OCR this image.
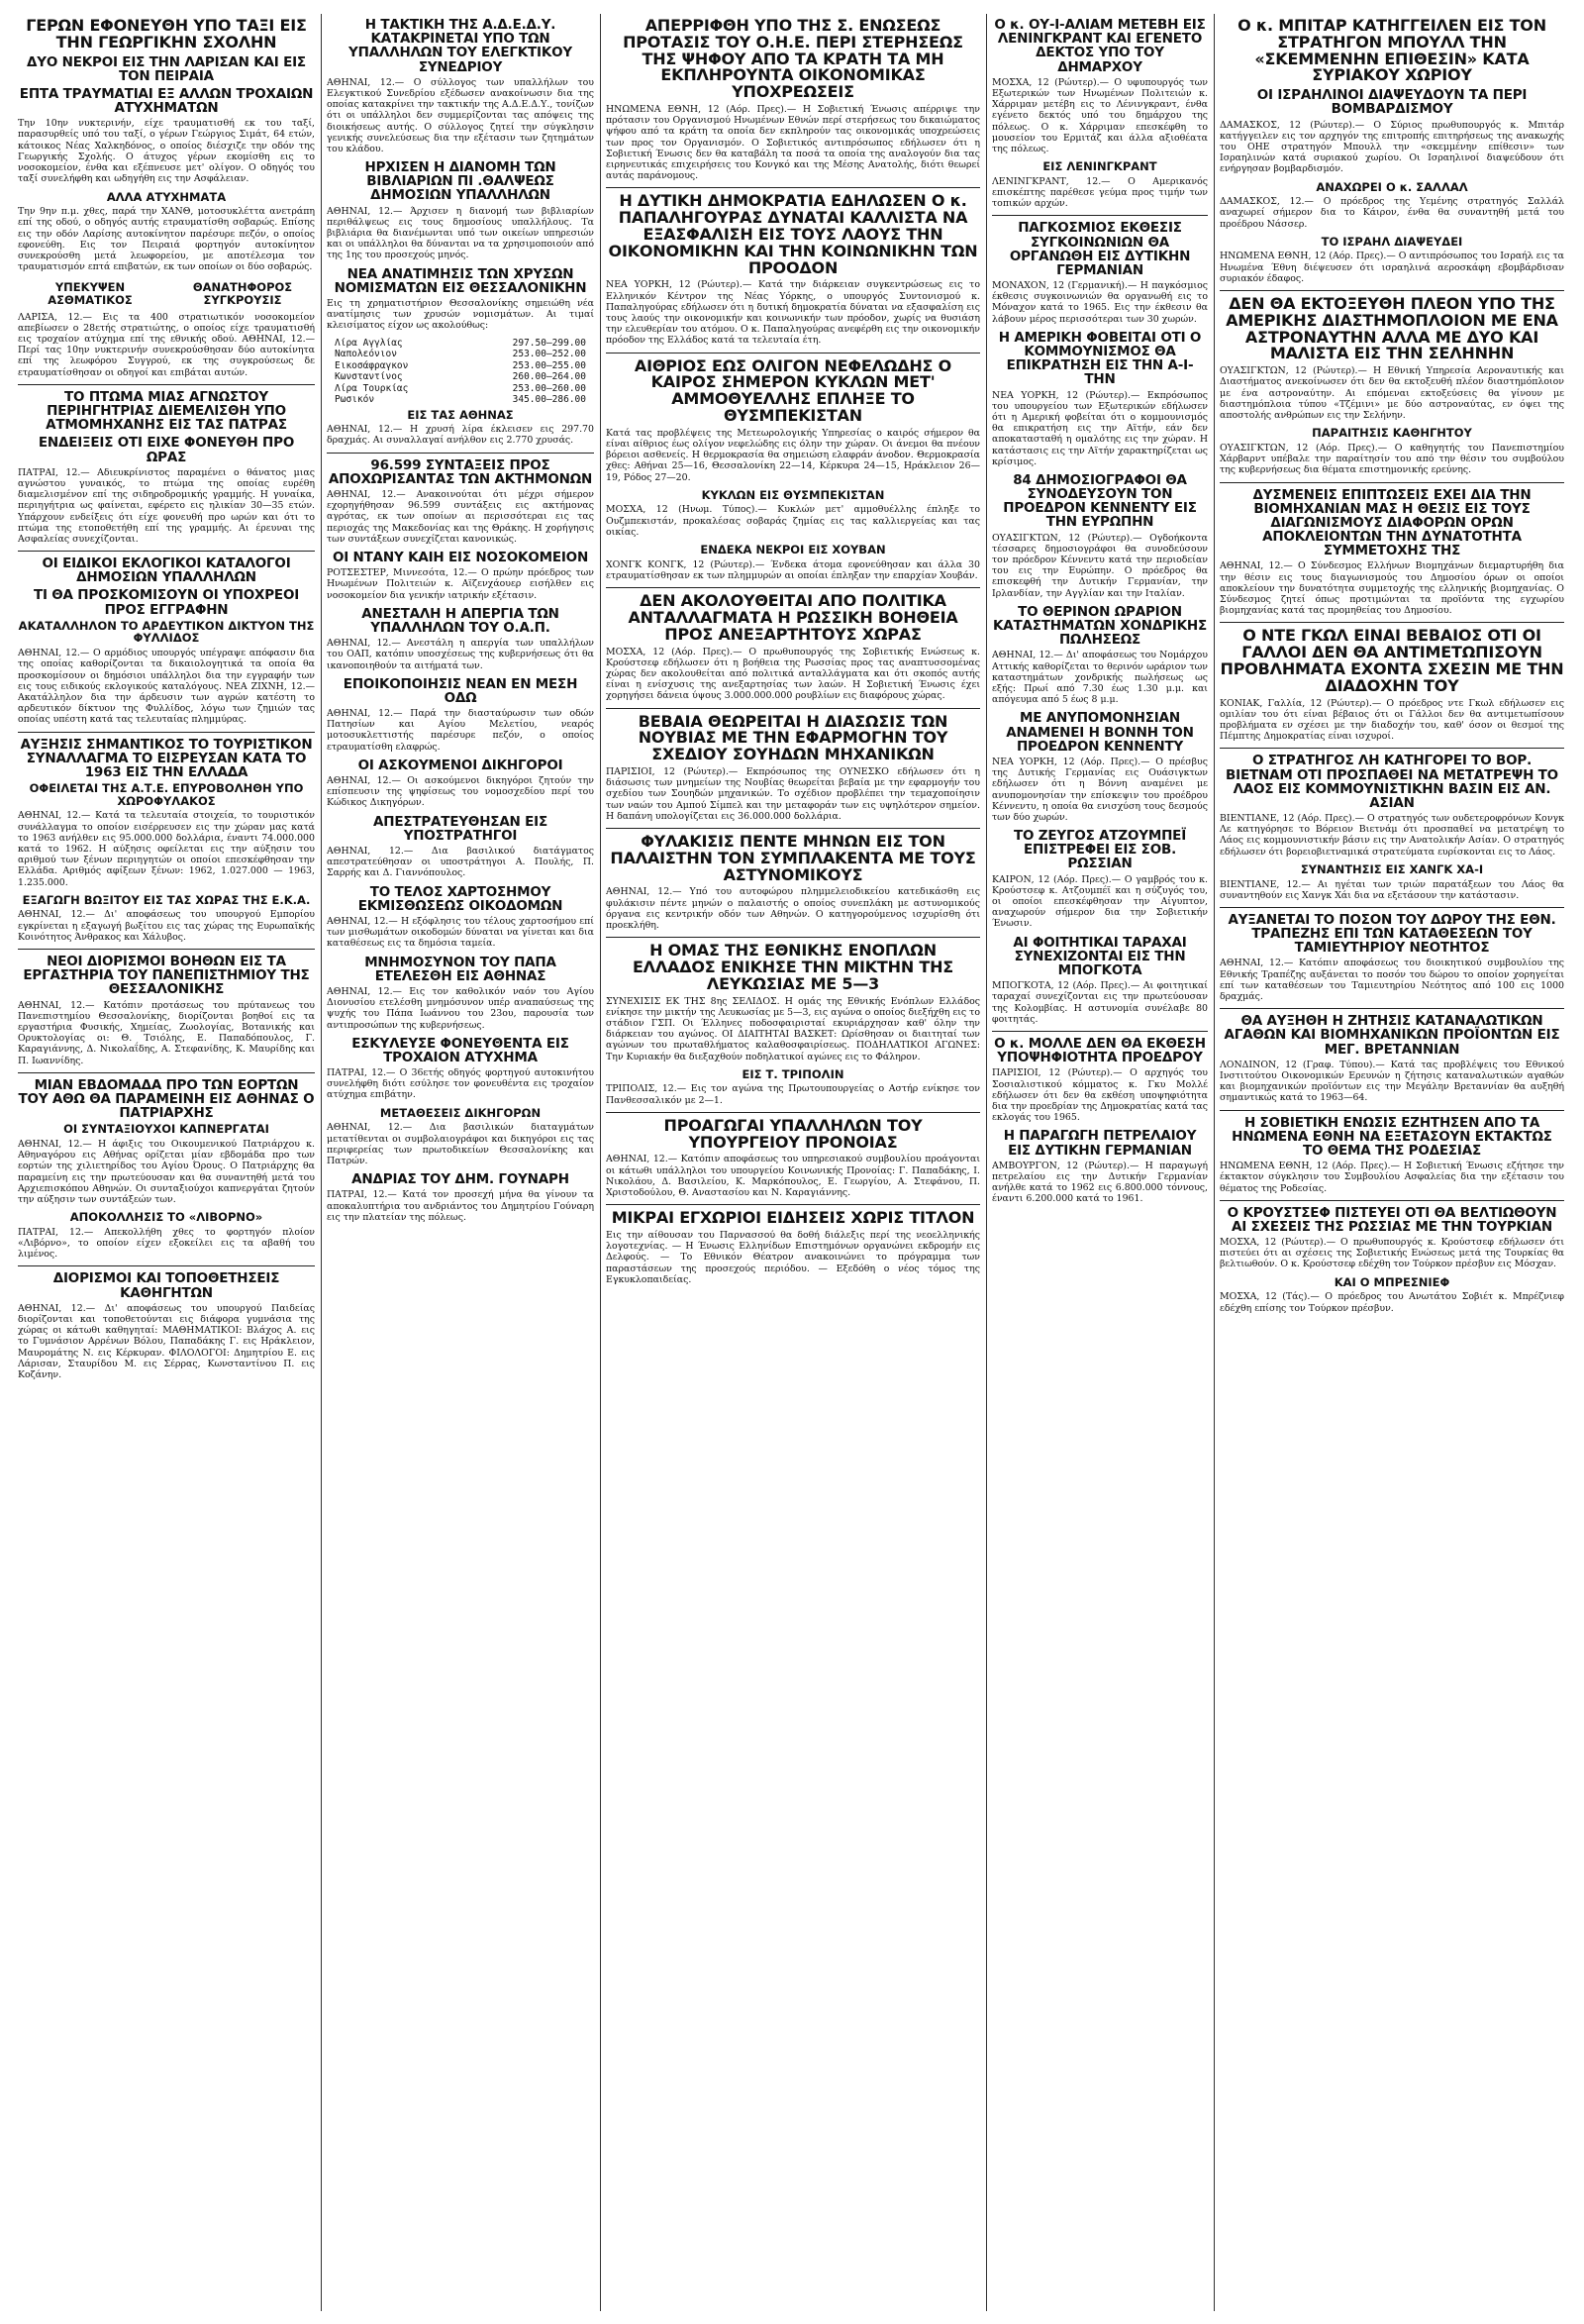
ΓΕΡΩΝ ΕΦΟΝΕΥΘΗ ΥΠΟ ΤΑΞΙ ΕΙΣ ΤΗΝ ΓΕΩΡΓΙΚΗΝ ΣΧΟΛΗΝ
ΔΥΟ ΝΕΚΡΟΙ ΕΙΣ ΤΗΝ ΛΑΡΙΣΑΝ ΚΑΙ ΕΙΣ ΤΟΝ ΠΕΙΡΑΙΑ
ΕΠΤΑ ΤΡΑΥΜΑΤΙΑΙ ΕΞ ΑΛΛΩΝ ΤΡΟΧΑΙΩΝ ΑΤΥΧΗΜΑΤΩΝ
Την 10ην νυκτερινήν, είχε τραυματισθή εκ του ταξί, παρασυρθείς υπό του ταξί, ο γέρων Γεώργιος Σιμάτ, 64 ετών, κάτοικος Νέας Χαλκηδόνος, ο οποίος διέσχιζε την οδόν της Γεωργικής Σχολής. Ο άτυχος γέρων εκομίσθη εις το νοσοκομείον, ένθα και εξέπνευσε μετ' ολίγον. Ο οδηγός του ταξί συνελήφθη και ωδηγήθη εις την Ασφάλειαν.
ΑΛΛΑ ΑΤΥΧΗΜΑΤΑ
Την 9ην π.μ. χθες, παρά την ΧΑΝΘ, μοτοσυκλέττα ανετράπη επί της οδού, ο οδηγός αυτής ετραυματίσθη σοβαρώς. Επίσης εις την οδόν Λαρίσης αυτοκίνητον παρέσυρε πεζόν, ο οποίος εφονεύθη. Εις τον Πειραιά φορτηγόν αυτοκίνητον συνεκρούσθη μετά λεωφορείου, με αποτέλεσμα τον τραυματισμόν επτά επιβατών, εκ των οποίων οι δύο σοβαρώς.
ΥΠΕΚΥΨΕΝ ΑΣΘΜΑΤΙΚΟΣ
ΘΑΝΑΤΗΦΟΡΟΣ ΣΥΓΚΡΟΥΣΙΣ
ΛΑΡΙΣΑ, 12.— Εις τα 400 στρατιωτικόν νοσοκομείον απεβίωσεν ο 28ετής στρατιώτης, ο οποίος είχε τραυματισθή εις τροχαίον ατύχημα επί της εθνικής οδού. ΑΘΗΝΑΙ, 12.— Περί τας 10ην νυκτερινήν συνεκρούσθησαν δύο αυτοκίνητα επί της λεωφόρου Συγγρού, εκ της συγκρούσεως δε ετραυματίσθησαν οι οδηγοί και επιβάται αυτών.
ΤΟ ΠΤΩΜΑ ΜΙΑΣ ΑΓΝΩΣΤΟΥ ΠΕΡΙΗΓΗΤΡΙΑΣ ΔΙΕΜΕΛΙΣΘΗ ΥΠΟ ΑΤΜΟΜΗΧΑΝΗΣ ΕΙΣ ΤΑΣ ΠΑΤΡΑΣ
ΕΝΔΕΙΞΕΙΣ ΟΤΙ ΕΙΧΕ ΦΟΝΕΥΘΗ ΠΡΟ ΩΡΑΣ
ΠΑΤΡΑΙ, 12.— Αδιευκρίνιστος παραμένει ο θάνατος μιας αγνώστου γυναικός, το πτώμα της οποίας ευρέθη διαμελισμένον επί της σιδηροδρομικής γραμμής. Η γυναίκα, περιηγήτρια ως φαίνεται, εφέρετο εις ηλικίαν 30—35 ετών. Υπάρχουν ενδείξεις ότι είχε φονευθή προ ωρών και ότι το πτώμα της ετοποθετήθη επί της γραμμής. Αι έρευναι της Ασφαλείας συνεχίζονται.
ΟΙ ΕΙΔΙΚΟΙ ΕΚΛΟΓΙΚΟΙ ΚΑΤΑΛΟΓΟΙ ΔΗΜΟΣΙΩΝ ΥΠΑΛΛΗΛΩΝ
ΤΙ ΘΑ ΠΡΟΣΚΟΜΙΣΟΥΝ ΟΙ ΥΠΟΧΡΕΟΙ ΠΡΟΣ ΕΓΓΡΑΦΗΝ
ΑΚΑΤΑΛΛΗΛΟΝ ΤΟ ΑΡΔΕΥΤΙΚΟΝ ΔΙΚΤΥΟΝ ΤΗΣ ΦΥΛΛΙΔΟΣ
ΑΘΗΝΑΙ, 12.— Ο αρμόδιος υπουργός υπέγραψε απόφασιν δια της οποίας καθορίζονται τα δικαιολογητικά τα οποία θα προσκομίσουν οι δημόσιοι υπάλληλοι δια την εγγραφήν των εις τους ειδικούς εκλογικούς καταλόγους. ΝΕΑ ΖΙΧΝΗ, 12.— Ακατάλληλον δια την άρδευσιν των αγρών κατέστη το αρδευτικόν δίκτυον της Φυλλίδος, λόγω των ζημιών τας οποίας υπέστη κατά τας τελευταίας πλημμύρας.
ΑΥΞΗΣΙΣ ΣΗΜΑΝΤΙΚΟΣ ΤΟ ΤΟΥΡΙΣΤΙΚΟΝ ΣΥΝΑΛΛΑΓΜΑ ΤΟ ΕΙΣΡΕΥΣΑΝ ΚΑΤΑ ΤΟ 1963 ΕΙΣ ΤΗΝ ΕΛΛΑΔΑ
ΟΦΕΙΛΕΤΑΙ ΤΗΣ Α.Τ.Ε. ΕΠΥΡΟΒΟΛΗΘΗ ΥΠΟ ΧΩΡΟΦΥΛΑΚΟΣ
ΑΘΗΝΑΙ, 12.— Κατά τα τελευταία στοιχεία, το τουριστικόν συνάλλαγμα το οποίον εισέρρευσεν εις την χώραν μας κατά το 1963 ανήλθεν εις 95.000.000 δολλάρια, έναντι 74.000.000 κατά το 1962. Η αύξησις οφείλεται εις την αύξησιν του αριθμού των ξένων περιηγητών οι οποίοι επεσκέφθησαν την Ελλάδα. Αριθμός αφίξεων ξένων: 1962, 1.027.000 — 1963, 1.235.000.
ΕΞΑΓΩΓΗ ΒΩΞΙΤΟΥ ΕΙΣ ΤΑΣ ΧΩΡΑΣ ΤΗΣ Ε.Κ.Α.
ΑΘΗΝΑΙ, 12.— Δι' αποφάσεως του υπουργού Εμπορίου εγκρίνεται η εξαγωγή βωξίτου εις τας χώρας της Ευρωπαϊκής Κοινότητος Άνθρακος και Χάλυβος.
ΝΕΟΙ ΔΙΟΡΙΣΜΟΙ ΒΟΗΘΩΝ ΕΙΣ ΤΑ ΕΡΓΑΣΤΗΡΙΑ ΤΟΥ ΠΑΝΕΠΙΣΤΗΜΙΟΥ ΤΗΣ ΘΕΣΣΑΛΟΝΙΚΗΣ
ΑΘΗΝΑΙ, 12.— Κατόπιν προτάσεως του πρύτανεως του Πανεπιστημίου Θεσσαλονίκης, διορίζονται βοηθοί εις τα εργαστήρια Φυσικής, Χημείας, Ζωολογίας, Βοτανικής και Ορυκτολογίας οι: Θ. Τσιόλης, Ε. Παπαδόπουλος, Γ. Καραγιάννης, Δ. Νικολαΐδης, Α. Στεφανίδης, Κ. Μαυρίδης και Π. Ιωαννίδης.
ΜΙΑΝ ΕΒΔΟΜΑΔΑ ΠΡΟ ΤΩΝ ΕΟΡΤΩΝ ΤΟΥ ΑΘΩ ΘΑ ΠΑΡΑΜΕΙΝΗ ΕΙΣ ΑΘΗΝΑΣ Ο ΠΑΤΡΙΑΡΧΗΣ
ΟΙ ΣΥΝΤΑΞΙΟΥΧΟΙ ΚΑΠΝΕΡΓΑΤΑΙ
ΑΘΗΝΑΙ, 12.— Η άφιξις του Οικουμενικού Πατριάρχου κ. Αθηναγόρου εις Αθήνας ορίζεται μίαν εβδομάδα προ των εορτών της χιλιετηρίδος του Αγίου Όρους. Ο Πατριάρχης θα παραμείνη εις την πρωτεύουσαν και θα συναντηθή μετά του Αρχιεπισκόπου Αθηνών. Οι συνταξιούχοι καπνεργάται ζητούν την αύξησιν των συντάξεών των.
ΑΠΟΚΟΛΛΗΣΙΣ ΤΟ «ΛΙΒΟΡΝΟ»
ΠΑΤΡΑΙ, 12.— Απεκολλήθη χθες το φορτηγόν πλοίον «Λιβόρνο», το οποίον είχεν εξοκείλει εις τα αβαθή του λιμένος.
ΔΙΟΡΙΣΜΟΙ ΚΑΙ ΤΟΠΟΘΕΤΗΣΕΙΣ ΚΑΘΗΓΗΤΩΝ
ΑΘΗΝΑΙ, 12.— Δι' αποφάσεως του υπουργού Παιδείας διορίζονται και τοποθετούνται εις διάφορα γυμνάσια της χώρας οι κάτωθι καθηγηταί: ΜΑΘΗΜΑΤΙΚΟΙ: Βλάχος Α. εις το Γυμνάσιον Αρρένων Βόλου, Παπαδάκης Γ. εις Ηράκλειον, Μαυρομάτης Ν. εις Κέρκυραν. ΦΙΛΟΛΟΓΟΙ: Δημητρίου Ε. εις Λάρισαν, Σταυρίδου Μ. εις Σέρρας, Κωνσταντίνου Π. εις Κοζάνην.
Η ΤΑΚΤΙΚΗ ΤΗΣ Α.Δ.Ε.Δ.Υ. ΚΑΤΑΚΡΙΝΕΤΑΙ ΥΠΟ ΤΩΝ ΥΠΑΛΛΗΛΩΝ ΤΟΥ ΕΛΕΓΚΤΙΚΟΥ ΣΥΝΕΔΡΙΟΥ
ΑΘΗΝΑΙ, 12.— Ο σύλλογος των υπαλλήλων του Ελεγκτικού Συνεδρίου εξέδωσεν ανακοίνωσιν δια της οποίας κατακρίνει την τακτικήν της Α.Δ.Ε.Δ.Υ., τονίζων ότι οι υπάλληλοι δεν συμμερίζονται τας απόψεις της διοικήσεως αυτής. Ο σύλλογος ζητεί την σύγκλησιν γενικής συνελεύσεως δια την εξέτασιν των ζητημάτων του κλάδου.
ΗΡΧΙΣΕΝ Η ΔΙΑΝΟΜΗ ΤΩΝ ΒΙΒΛΙΑΡΙΩΝ ΠΙ .ΘΑΛΨΕΩΣ ΔΗΜΟΣΙΩΝ ΥΠΑΛΛΗΛΩΝ
ΑΘΗΝΑΙ, 12.— Άρχισεν η διανομή των βιβλιαρίων περιθάλψεως εις τους δημοσίους υπαλλήλους. Τα βιβλιάρια θα διανέμωνται υπό των οικείων υπηρεσιών και οι υπάλληλοι θα δύνανται να τα χρησιμοποιούν από της 1ης του προσεχούς μηνός.
ΝΕΑ ΑΝΑΤΙΜΗΣΙΣ ΤΩΝ ΧΡΥΣΩΝ ΝΟΜΙΣΜΑΤΩΝ ΕΙΣ ΘΕΣΣΑΛΟΝΙΚΗΝ
Εις τη χρηματιστήριον Θεσσαλονίκης σημειώθη νέα ανατίμησις των χρυσών νομισμάτων. Αι τιμαί κλεισίματος είχον ως ακολούθως:
Λίρα Αγγλίας	297.50—299.00
Ναπολεόνιον	253.00—252.00
Εικοσάφραγκον	253.00—255.00
Κωνσταντίνος	260.00—264.00
Λίρα Τουρκίας	253.00—260.00
Ρωσικόν	345.00—286.00
ΕΙΣ ΤΑΣ ΑΘΗΝΑΣ
ΑΘΗΝΑΙ, 12.— Η χρυσή λίρα έκλεισεν εις 297.70 δραχμάς. Αι συναλλαγαί ανήλθον εις 2.770 χρυσάς.
96.599 ΣΥΝΤΑΞΕΙΣ ΠΡΟΣ ΑΠΟΧΩΡΙΣΑΝΤΑΣ ΤΩΝ ΑΚΤΗΜΟΝΩΝ
ΑΘΗΝΑΙ, 12.— Ανακοινούται ότι μέχρι σήμερον εχορηγήθησαν 96.599 συντάξεις εις ακτήμονας αγρότας, εκ των οποίων αι περισσότεραι εις τας περιοχάς της Μακεδονίας και της Θράκης. Η χορήγησις των συντάξεων συνεχίζεται κανονικώς.
ΟΙ ΝΤΑΝΥ ΚΑΙΗ ΕΙΣ ΝΟΣΟΚΟΜΕΙΟΝ
ΡΟΤΣΕΣΤΕΡ, Μιννεσότα, 12.— Ο πρώην πρόεδρος των Ηνωμένων Πολιτειών κ. Αϊζενχάουερ εισήλθεν εις νοσοκομείον δια γενικήν ιατρικήν εξέτασιν.
ΑΝΕΣΤΑΛΗ Η ΑΠΕΡΓΙΑ ΤΩΝ ΥΠΑΛΛΗΛΩΝ ΤΟΥ Ο.Α.Π.
ΑΘΗΝΑΙ, 12.— Ανεστάλη η απεργία των υπαλλήλων του ΟΑΠ, κατόπιν υποσχέσεως της κυβερνήσεως ότι θα ικανοποιηθούν τα αιτήματά των.
ΕΠΟΙΚΟΠΟΙΗΣΙΣ ΝΕΑΝ ΕΝ ΜΕΣΗ ΟΔΩ
ΑΘΗΝΑΙ, 12.— Παρά την διασταύρωσιν των οδών Πατησίων και Αγίου Μελετίου, νεαρός μοτοσυκλεττιστής παρέσυρε πεζόν, ο οποίος ετραυματίσθη ελαφρώς.
ΟΙ ΑΣΚΟΥΜΕΝΟΙ ΔΙΚΗΓΟΡΟΙ
ΑΘΗΝΑΙ, 12.— Οι ασκούμενοι δικηγόροι ζητούν την επίσπευσιν της ψηφίσεως του νομοσχεδίου περί του Κώδικος Δικηγόρων.
ΑΠΕΣΤΡΑΤΕΥΘΗΣΑΝ ΕΙΣ ΥΠΟΣΤΡΑΤΗΓΟΙ
ΑΘΗΝΑΙ, 12.— Δια βασιλικού διατάγματος απεστρατεύθησαν οι υποστράτηγοι Α. Πουλής, Π. Σαρρής και Δ. Γιαννόπουλος.
ΤΟ ΤΕΛΟΣ ΧΑΡΤΟΣΗΜΟΥ ΕΚΜΙΣΘΩΣΕΩΣ ΟΙΚΟΔΟΜΩΝ
ΑΘΗΝΑΙ, 12.— Η εξόφλησις του τέλους χαρτοσήμου επί των μισθωμάτων οικοδομών δύναται να γίνεται και δια καταθέσεως εις τα δημόσια ταμεία.
ΜΝΗΜΟΣΥΝΟΝ ΤΟΥ ΠΑΠΑ ΕΤΕΛΕΣΘΗ ΕΙΣ ΑΘΗΝΑΣ
ΑΘΗΝΑΙ, 12.— Εις τον καθολικόν ναόν του Αγίου Διονυσίου ετελέσθη μνημόσυνον υπέρ αναπαύσεως της ψυχής του Πάπα Ιωάννου του 23ου, παρουσία των αντιπροσώπων της κυβερνήσεως.
ΕΣΚΥΛΕΥΣΕ ΦΟΝΕΥΘΕΝΤΑ ΕΙΣ ΤΡΟΧΑΙΟΝ ΑΤΥΧΗΜΑ
ΠΑΤΡΑΙ, 12.— Ο 36ετής οδηγός φορτηγού αυτοκινήτου συνελήφθη διότι εσύλησε τον φονευθέντα εις τροχαίον ατύχημα επιβάτην.
ΜΕΤΑΘΕΣΕΙΣ ΔΙΚΗΓΟΡΩΝ
ΑΘΗΝΑΙ, 12.— Δια βασιλικών διαταγμάτων μετατίθενται οι συμβολαιογράφοι και δικηγόροι εις τας περιφερείας των πρωτοδικείων Θεσσαλονίκης και Πατρών.
ΑΝΔΡΙΑΣ ΤΟΥ ΔΗΜ. ΓΟΥΝΑΡΗ
ΠΑΤΡΑΙ, 12.— Κατά τον προσεχή μήνα θα γίνουν τα αποκαλυπτήρια του ανδριάντος του Δημητρίου Γούναρη εις την πλατείαν της πόλεως.
ΑΠΕΡΡΙΦΘΗ ΥΠΟ ΤΗΣ Σ. ΕΝΩΣΕΩΣ ΠΡΟΤΑΣΙΣ ΤΟΥ Ο.Η.Ε. ΠΕΡΙ ΣΤΕΡΗΣΕΩΣ ΤΗΣ ΨΗΦΟΥ ΑΠΟ ΤΑ ΚΡΑΤΗ ΤΑ ΜΗ ΕΚΠΛΗΡΟΥΝΤΑ ΟΙΚΟΝΟΜΙΚΑΣ ΥΠΟΧΡΕΩΣΕΙΣ
ΗΝΩΜΕΝΑ ΕΘΝΗ, 12 (Αόρ. Πρες).— Η Σοβιετική Ένωσις απέρριψε την πρότασιν του Οργανισμού Ηνωμένων Εθνών περί στερήσεως του δικαιώματος ψήφου από τα κράτη τα οποία δεν εκπληρούν τας οικονομικάς υποχρεώσεις των προς τον Οργανισμόν. Ο Σοβιετικός αντιπρόσωπος εδήλωσεν ότι η Σοβιετική Ένωσις δεν θα καταβάλη τα ποσά τα οποία της αναλογούν δια τας ειρηνευτικάς επιχειρήσεις του Κονγκό και της Μέσης Ανατολής, διότι θεωρεί αυτάς παράνομους.
Η ΔΥΤΙΚΗ ΔΗΜΟΚΡΑΤΙΑ ΕΔΗΛΩΣΕΝ Ο κ. ΠΑΠΑΛΗΓΟΥΡΑΣ ΔΥΝΑΤΑΙ ΚΑΛΛΙΣΤΑ ΝΑ ΕΞΑΣΦΑΛΙΣΗ ΕΙΣ ΤΟΥΣ ΛΑΟΥΣ ΤΗΝ ΟΙΚΟΝΟΜΙΚΗΝ ΚΑΙ ΤΗΝ ΚΟΙΝΩΝΙΚΗΝ ΤΩΝ ΠΡΟΟΔΟΝ
ΝΕΑ ΥΟΡΚΗ, 12 (Ρώυτερ).— Κατά την διάρκειαν συγκεντρώσεως εις το Ελληνικόν Κέντρον της Νέας Υόρκης, ο υπουργός Συντονισμού κ. Παπαληγούρας εδήλωσεν ότι η δυτική δημοκρατία δύναται να εξασφαλίση εις τους λαούς την οικονομικήν και κοινωνικήν των πρόοδον, χωρίς να θυσιάση την ελευθερίαν του ατόμου. Ο κ. Παπαληγούρας ανεφέρθη εις την οικονομικήν πρόοδον της Ελλάδος κατά τα τελευταία έτη.
ΑΙΘΡΙΟΣ ΕΩΣ ΟΛΙΓΟΝ ΝΕΦΕΛΩΔΗΣ Ο ΚΑΙΡΟΣ ΣΗΜΕΡΟΝ ΚΥΚΛΩΝ ΜΕΤ' ΑΜΜΟΘΥΕΛΛΗΣ ΕΠΛΗΞΕ ΤΟ ΘΥΣΜΠΕΚΙΣΤΑΝ
Κατά τας προβλέψεις της Μετεωρολογικής Υπηρεσίας ο καιρός σήμερον θα είναι αίθριος έως ολίγον νεφελώδης εις όλην την χώραν. Οι άνεμοι θα πνέουν βόρειοι ασθενείς. Η θερμοκρασία θα σημειώση ελαφράν άνοδον. Θερμοκρασία χθες: Αθήναι 25—16, Θεσσαλονίκη 22—14, Κέρκυρα 24—15, Ηράκλειον 26—19, Ρόδος 27—20.
ΚΥΚΛΩΝ ΕΙΣ ΘΥΣΜΠΕΚΙΣΤΑΝ
ΜΟΣΧΑ, 12 (Ηνωμ. Τύπος).— Κυκλών μετ' αμμοθυέλλης έπληξε το Ουζμπεκιστάν, προκαλέσας σοβαράς ζημίας εις τας καλλιεργείας και τας οικίας.
ΕΝΔΕΚΑ ΝΕΚΡΟΙ ΕΙΣ ΧΟΥΒΑΝ
ΧΟΝΓΚ ΚΟΝΓΚ, 12 (Ρώυτερ).— Ένδεκα άτομα εφονεύθησαν και άλλα 30 ετραυματίσθησαν εκ των πλημμυρών αι οποίαι έπληξαν την επαρχίαν Χουβάν.
ΔΕΝ ΑΚΟΛΟΥΘΕΙΤΑΙ ΑΠΟ ΠΟΛΙΤΙΚΑ ΑΝΤΑΛΛΑΓΜΑΤΑ Η ΡΩΣΣΙΚΗ ΒΟΗΘΕΙΑ ΠΡΟΣ ΑΝΕΞΑΡΤΗΤΟΥΣ ΧΩΡΑΣ
ΜΟΣΧΑ, 12 (Αόρ. Πρες).— Ο πρωθυπουργός της Σοβιετικής Ενώσεως κ. Κρούστσεφ εδήλωσεν ότι η βοήθεια της Ρωσσίας προς τας αναπτυσσομένας χώρας δεν ακολουθείται από πολιτικά ανταλλάγματα και ότι σκοπός αυτής είναι η ενίσχυσις της ανεξαρτησίας των λαών. Η Σοβιετική Ένωσις έχει χορηγήσει δάνεια ύψους 3.000.000.000 ρουβλίων εις διαφόρους χώρας.
ΒΕΒΑΙΑ ΘΕΩΡΕΙΤΑΙ Η ΔΙΑΣΩΣΙΣ ΤΩΝ ΝΟΥΒΙΑΣ ΜΕ ΤΗΝ ΕΦΑΡΜΟΓΗΝ ΤΟΥ ΣΧΕΔΙΟΥ ΣΟΥΗΔΩΝ ΜΗΧΑΝΙΚΩΝ
ΠΑΡΙΣΙΟΙ, 12 (Ρώυτερ).— Εκπρόσωπος της ΟΥΝΕΣΚΟ εδήλωσεν ότι η διάσωσις των μνημείων της Νουβίας θεωρείται βεβαία με την εφαρμογήν του σχεδίου των Σουηδών μηχανικών. Το σχέδιον προβλέπει την τεμαχοποίησιν των ναών του Αμπού Σίμπελ και την μεταφοράν των εις υψηλότερον σημείον. Η δαπάνη υπολογίζεται εις 36.000.000 δολλάρια.
ΦΥΛΑΚΙΣΙΣ ΠΕΝΤΕ ΜΗΝΩΝ ΕΙΣ ΤΟΝ ΠΑΛΑΙΣΤΗΝ ΤΟΝ ΣΥΜΠΛΑΚΕΝΤΑ ΜΕ ΤΟΥΣ ΑΣΤΥΝΟΜΙΚΟΥΣ
ΑΘΗΝΑΙ, 12.— Υπό του αυτοφώρου πλημμελειοδικείου κατεδικάσθη εις φυλάκισιν πέντε μηνών ο παλαιστής ο οποίος συνεπλάκη με αστυνομικούς όργανα εις κεντρικήν οδόν των Αθηνών. Ο κατηγορούμενος ισχυρίσθη ότι προεκλήθη.
Η ΟΜΑΣ ΤΗΣ ΕΘΝΙΚΗΣ ΕΝΟΠΛΩΝ ΕΛΛΑΔΟΣ ΕΝΙΚΗΣΕ ΤΗΝ ΜΙΚΤΗΝ ΤΗΣ ΛΕΥΚΩΣΙΑΣ ΜΕ 5—3
ΣΥΝΕΧΙΣΙΣ ΕΚ ΤΗΣ 8ης ΣΕΛΙΔΟΣ. Η ομάς της Εθνικής Ενόπλων Ελλάδος ενίκησε την μικτήν της Λευκωσίας με 5—3, εις αγώνα ο οποίος διεξήχθη εις το στάδιον ΓΣΠ. Οι Έλληνες ποδοσφαιρισταί εκυριάρχησαν καθ' όλην την διάρκειαν του αγώνος. ΟΙ ΔΙΑΙΤΗΤΑΙ ΒΑΣΚΕΤ: Ωρίσθησαν οι διαιτηταί των αγώνων του πρωταθλήματος καλαθοσφαιρίσεως. ΠΟΔΗΛΑΤΙΚΟΙ ΑΓΩΝΕΣ: Την Κυριακήν θα διεξαχθούν ποδηλατικοί αγώνες εις το Φάληρον.
ΕΙΣ Τ. ΤΡΙΠΟΛΙΝ
ΤΡΙΠΟΛΙΣ, 12.— Εις τον αγώνα της Πρωτουπουργείας ο Αστήρ ενίκησε τον Πανθεσσαλικόν με 2—1.
ΠΡΟΑΓΩΓΑΙ ΥΠΑΛΛΗΛΩΝ ΤΟΥ ΥΠΟΥΡΓΕΙΟΥ ΠΡΟΝΟΙΑΣ
ΑΘΗΝΑΙ, 12.— Κατόπιν αποφάσεως του υπηρεσιακού συμβουλίου προάγονται οι κάτωθι υπάλληλοι του υπουργείου Κοινωνικής Προνοίας: Γ. Παπαδάκης, Ι. Νικολάου, Δ. Βασιλείου, Κ. Μαρκόπουλος, Ε. Γεωργίου, Α. Στεφάνου, Π. Χριστοδούλου, Θ. Αναστασίου και Ν. Καραγιάννης.
ΜΙΚΡΑΙ ΕΓΧΩΡΙΟΙ ΕΙΔΗΣΕΙΣ ΧΩΡΙΣ ΤΙΤΛΟΝ
Εις την αίθουσαν του Παρνασσού θα δοθή διάλεξις περί της νεοελληνικής λογοτεχνίας. — Η Ένωσις Ελληνίδων Επιστημόνων οργανώνει εκδρομήν εις Δελφούς. — Το Εθνικόν Θέατρον ανακοινώνει το πρόγραμμα των παραστάσεων της προσεχούς περιόδου. — Εξεδόθη ο νέος τόμος της Εγκυκλοπαιδείας.
Ο κ. ΟΥ-Ι-ΑΛΙΑΜ ΜΕΤΕΒΗ ΕΙΣ ΛΕΝΙΝΓΚΡΑΝΤ ΚΑΙ ΕΓΕΝΕΤΟ ΔΕΚΤΟΣ ΥΠΟ ΤΟΥ ΔΗΜΑΡΧΟΥ
ΜΟΣΧΑ, 12 (Ρώυτερ).— Ο υφυπουργός των Εξωτερικών των Ηνωμένων Πολιτειών κ. Χάρριμαν μετέβη εις το Λένινγκραντ, ένθα εγένετο δεκτός υπό του δημάρχου της πόλεως. Ο κ. Χάρριμαν επεσκέφθη το μουσείον του Ερμιτάζ και άλλα αξιοθέατα της πόλεως.
ΕΙΣ ΛΕΝΙΝΓΚΡΑΝΤ
ΛΕΝΙΝΓΚΡΑΝΤ, 12.— Ο Αμερικανός επισκέπτης παρέθεσε γεύμα προς τιμήν των τοπικών αρχών.
ΠΑΓΚΟΣΜΙΟΣ ΕΚΘΕΣΙΣ ΣΥΓΚΟΙΝΩΝΙΩΝ ΘΑ ΟΡΓΑΝΩΘΗ ΕΙΣ ΔΥΤΙΚΗΝ ΓΕΡΜΑΝΙΑΝ
ΜΟΝΑΧΟΝ, 12 (Γερμανική).— Η παγκόσμιος έκθεσις συγκοινωνιών θα οργανωθή εις το Μόναχον κατά το 1965. Εις την έκθεσιν θα λάβουν μέρος περισσότεραι των 30 χωρών.
Η ΑΜΕΡΙΚΗ ΦΟΒΕΙΤΑΙ ΟΤΙ Ο ΚΟΜΜΟΥΝΙΣΜΟΣ ΘΑ ΕΠΙΚΡΑΤΗΣΗ ΕΙΣ ΤΗΝ Α-Ι-ΤΗΝ
ΝΕΑ ΥΟΡΚΗ, 12 (Ρώυτερ).— Εκπρόσωπος του υπουργείου των Εξωτερικών εδήλωσεν ότι η Αμερική φοβείται ότι ο κομμουνισμός θα επικρατήση εις την Αϊτήν, εάν δεν αποκατασταθή η ομαλότης εις την χώραν. Η κατάστασις εις την Αϊτήν χαρακτηρίζεται ως κρίσιμος.
84 ΔΗΜΟΣΙΟΓΡΑΦΟΙ ΘΑ ΣΥΝΟΔΕΥΣΟΥΝ ΤΟΝ ΠΡΟΕΔΡΟΝ ΚΕΝΝΕΝΤΥ ΕΙΣ ΤΗΝ ΕΥΡΩΠΗΝ
ΟΥΑΣΙΓΚΤΩΝ, 12 (Ρώυτερ).— Ογδοήκοντα τέσσαρες δημοσιογράφοι θα συνοδεύσουν τον πρόεδρον Κέννεντυ κατά την περιοδείαν του εις την Ευρώπην. Ο πρόεδρος θα επισκεφθή την Δυτικήν Γερμανίαν, την Ιρλανδίαν, την Αγγλίαν και την Ιταλίαν.
ΤΟ ΘΕΡΙΝΟΝ ΩΡΑΡΙΟΝ ΚΑΤΑΣΤΗΜΑΤΩΝ ΧΟΝΔΡΙΚΗΣ ΠΩΛΗΣΕΩΣ
ΑΘΗΝΑΙ, 12.— Δι' αποφάσεως του Νομάρχου Αττικής καθορίζεται το θερινόν ωράριον των καταστημάτων χονδρικής πωλήσεως ως εξής: Πρωί από 7.30 έως 1.30 μ.μ. και απόγευμα από 5 έως 8 μ.μ.
ΜΕ ΑΝΥΠΟΜΟΝΗΣΙΑΝ ΑΝΑΜΕΝΕΙ Η ΒΟΝΝΗ ΤΟΝ ΠΡΟΕΔΡΟΝ ΚΕΝΝΕΝΤΥ
ΝΕΑ ΥΟΡΚΗ, 12 (Αόρ. Πρες).— Ο πρέσβυς της Δυτικής Γερμανίας εις Ουάσιγκτων εδήλωσεν ότι η Βόννη αναμένει με ανυπομονησίαν την επίσκεψιν του προέδρου Κέννεντυ, η οποία θα ενισχύση τους δεσμούς των δύο χωρών.
ΤΟ ΖΕΥΓΟΣ ΑΤΖΟΥΜΠΕΪ ΕΠΙΣΤΡΕΦΕΙ ΕΙΣ ΣΟΒ. ΡΩΣΣΙΑΝ
ΚΑΙΡΟΝ, 12 (Αόρ. Πρες).— Ο γαμβρός του κ. Κρούστσεφ κ. Ατζουμπέϊ και η σύζυγός του, οι οποίοι επεσκέφθησαν την Αίγυπτον, αναχωρούν σήμερον δια την Σοβιετικήν Ένωσιν.
ΑΙ ΦΟΙΤΗΤΙΚΑΙ ΤΑΡΑΧΑΙ ΣΥΝΕΧΙΖΟΝΤΑΙ ΕΙΣ ΤΗΝ ΜΠΟΓΚΟΤΑ
ΜΠΟΓΚΟΤΑ, 12 (Αόρ. Πρες).— Αι φοιτητικαί ταραχαί συνεχίζονται εις την πρωτεύουσαν της Κολομβίας. Η αστυνομία συνέλαβε 80 φοιτητάς.
Ο κ. ΜΟΛΛΕ ΔΕΝ ΘΑ ΕΚΘΕΣΗ ΥΠΟΨΗΦΙΟΤΗΤΑ ΠΡΟΕΔΡΟΥ
ΠΑΡΙΣΙΟΙ, 12 (Ρώυτερ).— Ο αρχηγός του Σοσιαλιστικού κόμματος κ. Γκυ Μολλέ εδήλωσεν ότι δεν θα εκθέση υποψηφιότητα δια την προεδρίαν της Δημοκρατίας κατά τας εκλογάς του 1965.
Η ΠΑΡΑΓΩΓΗ ΠΕΤΡΕΛΑΙΟΥ ΕΙΣ ΔΥΤΙΚΗΝ ΓΕΡΜΑΝΙΑΝ
ΑΜΒΟΥΡΓΟΝ, 12 (Ρώυτερ).— Η παραγωγή πετρελαίου εις την Δυτικήν Γερμανίαν ανήλθε κατά το 1962 εις 6.800.000 τόννους, έναντι 6.200.000 κατά το 1961.
Ο κ. ΜΠΙΤΑΡ ΚΑΤΗΓΓΕΙΛΕΝ ΕΙΣ ΤΟΝ ΣΤΡΑΤΗΓΟΝ ΜΠΟΥΛΛ ΤΗΝ «ΣΚΕΜΜΕΝΗΝ ΕΠΙΘΕΣΙΝ» ΚΑΤΑ ΣΥΡΙΑΚΟΥ ΧΩΡΙΟΥ
ΟΙ ΙΣΡΑΗΛΙΝΟΙ ΔΙΑΨΕΥΔΟΥΝ ΤΑ ΠΕΡΙ ΒΟΜΒΑΡΔΙΣΜΟΥ
ΔΑΜΑΣΚΟΣ, 12 (Ρώυτερ).— Ο Σύριος πρωθυπουργός κ. Μπιτάρ κατήγγειλεν εις τον αρχηγόν της επιτροπής επιτηρήσεως της ανακωχής του ΟΗΕ στρατηγόν Μπουλλ την «σκεμμένην επίθεσιν» των Ισραηλινών κατά συριακού χωρίου. Οι Ισραηλινοί διαψεύδουν ότι ενήργησαν βομβαρδισμόν.
ΑΝΑΧΩΡΕΙ Ο κ. ΣΑΛΛΑΛ
ΔΑΜΑΣΚΟΣ, 12.— Ο πρόεδρος της Υεμένης στρατηγός Σαλλάλ αναχωρεί σήμερον δια το Κάιρον, ένθα θα συναντηθή μετά του προέδρου Νάσσερ.
ΤΟ ΙΣΡΑΗΛ ΔΙΑΨΕΥΔΕΙ
ΗΝΩΜΕΝΑ ΕΘΝΗ, 12 (Αόρ. Πρες).— Ο αντιπρόσωπος του Ισραήλ εις τα Ηνωμένα Έθνη διέψευσεν ότι ισραηλινά αεροσκάφη εβομβάρδισαν συριακόν έδαφος.
ΔΕΝ ΘΑ ΕΚΤΟΞΕΥΘΗ ΠΛΕΟΝ ΥΠΟ ΤΗΣ ΑΜΕΡΙΚΗΣ ΔΙΑΣΤΗΜΟΠΛΟΙΟΝ ΜΕ ΕΝΑ ΑΣΤΡΟΝΑΥΤΗΝ ΑΛΛΑ ΜΕ ΔΥΟ ΚΑΙ ΜΑΛΙΣΤΑ ΕΙΣ ΤΗΝ ΣΕΛΗΝΗΝ
ΟΥΑΣΙΓΚΤΩΝ, 12 (Ρώυτερ).— Η Εθνική Υπηρεσία Αεροναυτικής και Διαστήματος ανεκοίνωσεν ότι δεν θα εκτοξευθή πλέον διαστημόπλοιον με ένα αστροναύτην. Αι επόμεναι εκτοξεύσεις θα γίνουν με διαστημόπλοια τύπου «Τζέμινι» με δύο αστροναύτας, εν όψει της αποστολής ανθρώπων εις την Σελήνην.
ΠΑΡΑΙΤΗΣΙΣ ΚΑΘΗΓΗΤΟΥ
ΟΥΑΣΙΓΚΤΩΝ, 12 (Αόρ. Πρες).— Ο καθηγητής του Πανεπιστημίου Χάρβαρντ υπέβαλε την παραίτησίν του από την θέσιν του συμβούλου της κυβερνήσεως δια θέματα επιστημονικής ερεύνης.
ΔΥΣΜΕΝΕΙΣ ΕΠΙΠΤΩΣΕΙΣ ΕΧΕΙ ΔΙΑ ΤΗΝ ΒΙΟΜΗΧΑΝΙΑΝ ΜΑΣ Η ΘΕΣΙΣ ΕΙΣ ΤΟΥΣ ΔΙΑΓΩΝΙΣΜΟΥΣ ΔΙΑΦΟΡΩΝ ΟΡΩΝ ΑΠΟΚΛΕΙΟΝΤΩΝ ΤΗΝ ΔΥΝΑΤΟΤΗΤΑ ΣΥΜΜΕΤΟΧΗΣ ΤΗΣ
ΑΘΗΝΑΙ, 12.— Ο Σύνδεσμος Ελλήνων Βιομηχάνων διεμαρτυρήθη δια την θέσιν εις τους διαγωνισμούς του Δημοσίου όρων οι οποίοι αποκλείουν την δυνατότητα συμμετοχής της ελληνικής βιομηχανίας. Ο Σύνδεσμος ζητεί όπως προτιμώνται τα προϊόντα της εγχωρίου βιομηχανίας κατά τας προμηθείας του Δημοσίου.
Ο ΝΤΕ ΓΚΩΛ ΕΙΝΑΙ ΒΕΒΑΙΟΣ ΟΤΙ ΟΙ ΓΑΛΛΟΙ ΔΕΝ ΘΑ ΑΝΤΙΜΕΤΩΠΙΣΟΥΝ ΠΡΟΒΛΗΜΑΤΑ ΕΧΟΝΤΑ ΣΧΕΣΙΝ ΜΕ ΤΗΝ ΔΙΑΔΟΧΗΝ ΤΟΥ
ΚΟΝΙΑΚ, Γαλλία, 12 (Ρώυτερ).— Ο πρόεδρος ντε Γκωλ εδήλωσεν εις ομιλίαν του ότι είναι βέβαιος ότι οι Γάλλοι δεν θα αντιμετωπίσουν προβλήματα εν σχέσει με την διαδοχήν του, καθ' όσον οι θεσμοί της Πέμπτης Δημοκρατίας είναι ισχυροί.
Ο ΣΤΡΑΤΗΓΟΣ ΛΗ ΚΑΤΗΓΟΡΕΙ ΤΟ ΒΟΡ. ΒΙΕΤΝΑΜ ΟΤΙ ΠΡΟΣΠΑΘΕΙ ΝΑ ΜΕΤΑΤΡΕΨΗ ΤΟ ΛΑΟΣ ΕΙΣ ΚΟΜΜΟΥΝΙΣΤΙΚΗΝ ΒΑΣΙΝ ΕΙΣ ΑΝ. ΑΣΙΑΝ
ΒΙΕΝΤΙΑΝΕ, 12 (Αόρ. Πρες).— Ο στρατηγός των ουδετεροφρόνων Κονγκ Λε κατηγόρησε το Βόρειον Βιετνάμ ότι προσπαθεί να μετατρέψη το Λάος εις κομμουνιστικήν βάσιν εις την Ανατολικήν Ασίαν. Ο στρατηγός εδήλωσεν ότι βορειοβιετναμικά στρατεύματα ευρίσκονται εις το Λάος.
ΣΥΝΑΝΤΗΣΙΣ ΕΙΣ ΧΑΝΓΚ ΧΑ-Ι
ΒΙΕΝΤΙΑΝΕ, 12.— Αι ηγέται των τριών παρατάξεων του Λάος θα συναντηθούν εις Χανγκ Χάι δια να εξετάσουν την κατάστασιν.
ΑΥΞΑΝΕΤΑΙ ΤΟ ΠΟΣΟΝ ΤΟΥ ΔΩΡΟΥ ΤΗΣ ΕΘΝ. ΤΡΑΠΕΖΗΣ ΕΠΙ ΤΩΝ ΚΑΤΑΘΕΣΕΩΝ ΤΟΥ ΤΑΜΙΕΥΤΗΡΙΟΥ ΝΕΟΤΗΤΟΣ
ΑΘΗΝΑΙ, 12.— Κατόπιν αποφάσεως του διοικητικού συμβουλίου της Εθνικής Τραπέζης αυξάνεται το ποσόν του δώρου το οποίον χορηγείται επί των καταθέσεων του Ταμιευτηρίου Νεότητος από 100 εις 1000 δραχμάς.
ΘΑ ΑΥΞΗΘΗ Η ΖΗΤΗΣΙΣ ΚΑΤΑΝΑΛΩΤΙΚΩΝ ΑΓΑΘΩΝ ΚΑΙ ΒΙΟΜΗΧΑΝΙΚΩΝ ΠΡΟΪΟΝΤΩΝ ΕΙΣ ΜΕΓ. ΒΡΕΤΑΝΝΙΑΝ
ΛΟΝΔΙΝΟΝ, 12 (Γραφ. Τύπου).— Κατά τας προβλέψεις του Εθνικού Ινστιτούτου Οικονομικών Ερευνών η ζήτησις καταναλωτικών αγαθών και βιομηχανικών προϊόντων εις την Μεγάλην Βρεταννίαν θα αυξηθή σημαντικώς κατά το 1963—64.
Η ΣΟΒΙΕΤΙΚΗ ΕΝΩΣΙΣ ΕΖΗΤΗΣΕΝ ΑΠΟ ΤΑ ΗΝΩΜΕΝΑ ΕΘΝΗ ΝΑ ΕΞΕΤΑΣΟΥΝ ΕΚΤΑΚΤΩΣ ΤΟ ΘΕΜΑ ΤΗΣ ΡΟΔΕΣΙΑΣ
ΗΝΩΜΕΝΑ ΕΘΝΗ, 12 (Αόρ. Πρες).— Η Σοβιετική Ένωσις εζήτησε την έκτακτον σύγκλησιν του Συμβουλίου Ασφαλείας δια την εξέτασιν του θέματος της Ροδεσίας.
Ο ΚΡΟΥΣΤΣΕΦ ΠΙΣΤΕΥΕΙ ΟΤΙ ΘΑ ΒΕΛΤΙΩΘΟΥΝ ΑΙ ΣΧΕΣΕΙΣ ΤΗΣ ΡΩΣΣΙΑΣ ΜΕ ΤΗΝ ΤΟΥΡΚΙΑΝ
ΜΟΣΧΑ, 12 (Ρώυτερ).— Ο πρωθυπουργός κ. Κρούστσεφ εδήλωσεν ότι πιστεύει ότι αι σχέσεις της Σοβιετικής Ενώσεως μετά της Τουρκίας θα βελτιωθούν. Ο κ. Κρούστσεφ εδέχθη τον Τούρκον πρέσβυν εις Μόσχαν.
ΚΑΙ Ο ΜΠΡΕΣΝΙΕΦ
ΜΟΣΧΑ, 12 (Τάς).— Ο πρόεδρος του Ανωτάτου Σοβιέτ κ. Μπρέζνιεφ εδέχθη επίσης τον Τούρκον πρέσβυν.
